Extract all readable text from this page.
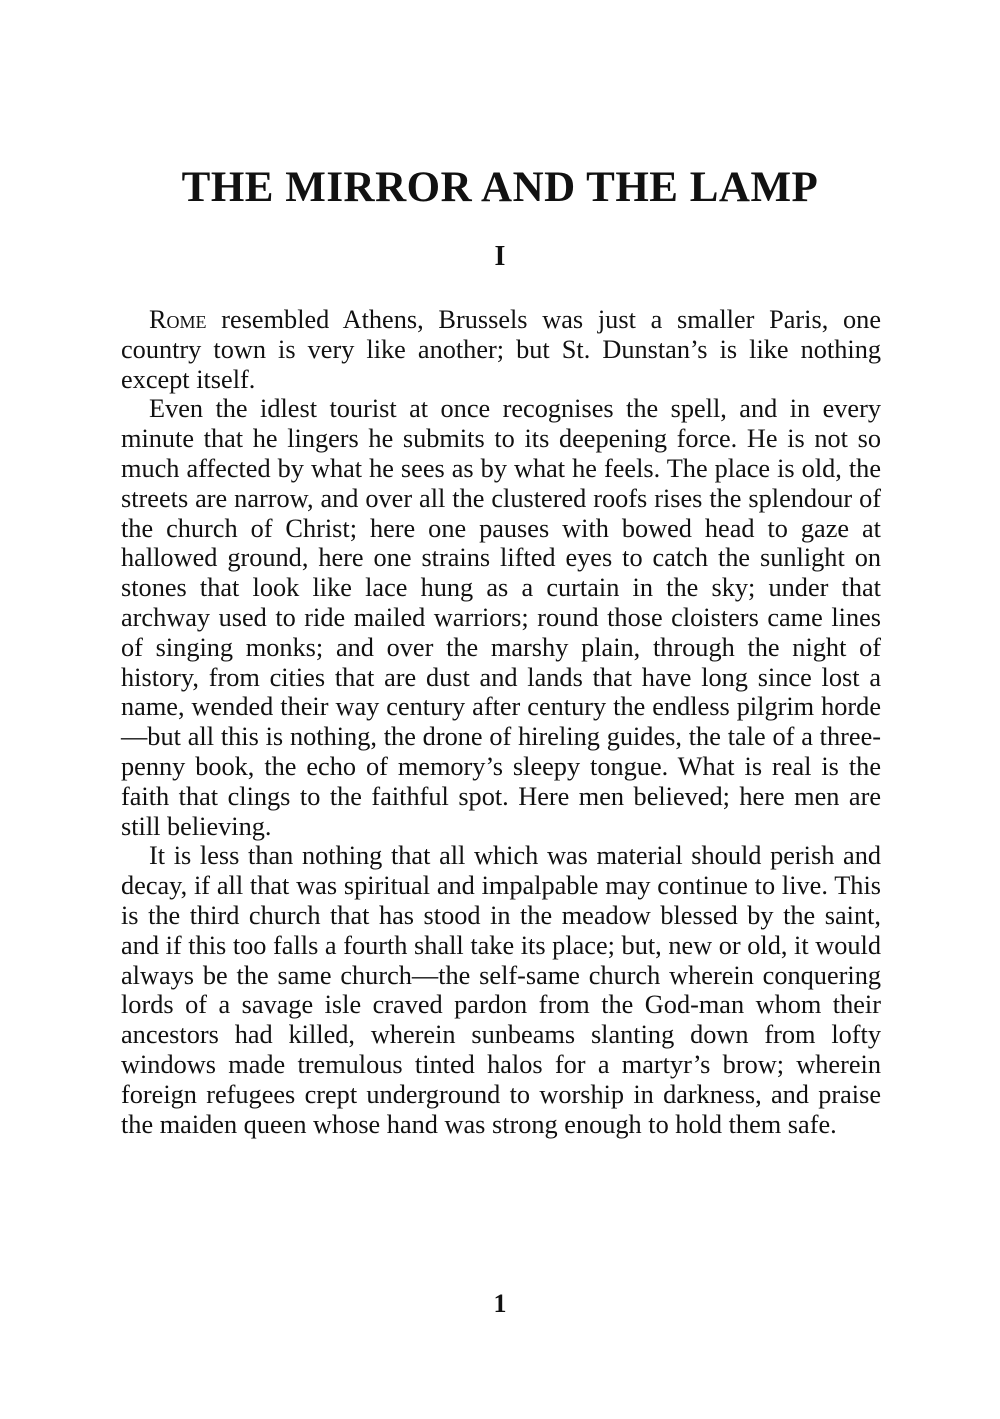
THE MIRROR AND THE LAMP
I

Rome resembled Athens, Brussels was just a smaller Paris, one country town is very like another; but St. Dunstan’s is like nothing except itself.

Even the idlest tourist at once recognises the spell, and in every minute that he lingers he submits to its deepening force. He is not so much affected by what he sees as by what he feels. The place is old, the streets are narrow, and over all the clustered roofs rises the splendour of the church of Christ; here one pauses with bowed head to gaze at hallowed ground, here one strains lifted eyes to catch the sunlight on stones that look like lace hung as a curtain in the sky; under that archway used to ride mailed warriors; round those cloisters came lines of singing monks; and over the marshy plain, through the night of history, from cities that are dust and lands that have long since lost a name, wended their way century after century the endless pilgrim horde—but all this is nothing, the drone of hireling guides, the tale of a three-penny book, the echo of memory’s sleepy tongue. What is real is the faith that clings to the faithful spot. Here men believed; here men are still believing.

It is less than nothing that all which was material should perish and decay, if all that was spiritual and impalpable may continue to live. This is the third church that has stood in the meadow blessed by the saint, and if this too falls a fourth shall take its place; but, new or old, it would always be the same church—the self-same church wherein conquering lords of a savage isle craved pardon from the God-man whom their ancestors had killed, wherein sunbeams slanting down from lofty windows made tremulous tinted halos for a martyr’s brow; wherein foreign refugees crept underground to worship in darkness, and praise the maiden queen whose hand was strong enough to hold them safe.

1
